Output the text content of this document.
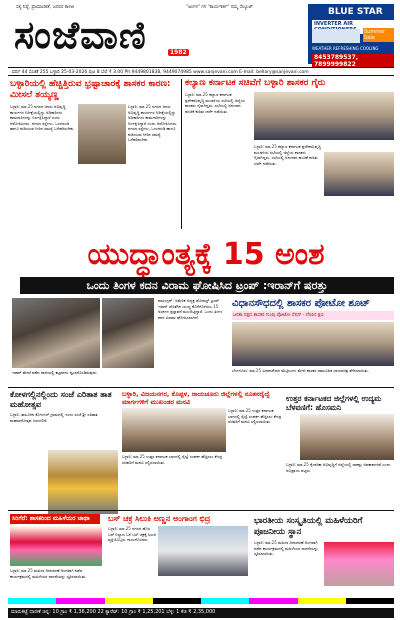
ಸತ್ಯ ನಿಷ್ಠೆ, ಪ್ರಾಮಾಣಿಕತೆ, ಜನಪರ ಕಾಳಜಿ	"ಅಂಗಳ" ಗಳ "ಕಾರ್ಯಕರ್ತ" ನಮ್ಮ ಸೆಲ್ಯೂಟ್
ಸಂಜೆವಾಣಿ	1982
BLUE STAR
INVERTER AIR
Summer Sale
WEATHER REFRESHING COOLING
8453789537, 7899999822
ವರ್ಷ 44 ಸಂಚಿಕೆ 255 ಬಳ್ಳಾರಿ 25-03-2026 ಪುಟ 8 ಬೆಲೆ ₹ 3.00 Ph:9449801838, 9449074985 www.sanjevani.com E-mail: bellary@sanjevani.com
ಬಳ್ಳಾರಿಯಲ್ಲಿ ಹೆಚ್ಚಿತ್ತಿರುವ ಭ್ರಷ್ಟಾಚಾರಕ್ಕೆ ಶಾಸಕರ ಕಾರಣ: ಮೀಸಲೆ ತಯ್ಯಣ್ಣ
ಬಳ್ಳಾರಿ: ಮಾ.25 ನಗರದ ಜನರು ಅಭಿವೃದ್ಧಿ ಕಾರ್ಯಗಳ ನಿರೀಕ್ಷೆಯಲ್ಲಿದ್ದು ಅಧಿಕಾರಿಗಳು ಕಾಮಗಾರಿಗಳನ್ನು ನಿರ್ಲಕ್ಷಿಸಿದ್ದಾರೆ ಎಂದು ಆರೋಪಿಸಿದರು. ನಗರದ ರಸ್ತೆಗಳು, ಒಳಚರಂಡಿ ಹಾಗೂ ಕುಡಿಯುವ ನೀರಿನ ಸಮಸ್ಯೆ ಬಗೆಹರಿಸಬೇಕು.
ಬಳ್ಳಾರಿ: ಮಾ.25 ನಗರದ ಜನರು ಅಭಿವೃದ್ಧಿ ಕಾರ್ಯಗಳ ನಿರೀಕ್ಷೆಯಲ್ಲಿದ್ದು ಅಧಿಕಾರಿಗಳು ಕಾಮಗಾರಿಗಳನ್ನು ನಿರ್ಲಕ್ಷಿಸಿದ್ದಾರೆ ಎಂದು ಆರೋಪಿಸಿದರು. ನಗರದ ರಸ್ತೆಗಳು, ಒಳಚರಂಡಿ ಹಾಗೂ ಕುಡಿಯುವ ನೀರಿನ ಸಮಸ್ಯೆ ಬಗೆಹರಿಸಬೇಕು.
ಕಲ್ಯಾಣ ಕರ್ನಾಟಕ ಸಚಿವೆಗೆ ಬಳ್ಳಾರಿ ಶಾಸಕರ ಗೈರು
ಬಳ್ಳಾರಿ: ಮಾ.25 ಕಲ್ಯಾಣ ಕರ್ನಾಟಕ ಪ್ರದೇಶಾಭಿವೃದ್ಧಿ ಮಂಡಳಿಯ ಸಭೆಯಲ್ಲಿ ಜಿಲ್ಲೆಯ ಶಾಸಕರು ಗೈರಾಗಿದ್ದರು. ಸಭೆಯಲ್ಲಿ ಅನುದಾನ ಹಂಚಿಕೆ ಕುರಿತು ಚರ್ಚೆ ನಡೆಯಿತು.
ಬಳ್ಳಾರಿ: ಮಾ.25 ಕಲ್ಯಾಣ ಕರ್ನಾಟಕ ಪ್ರದೇಶಾಭಿವೃದ್ಧಿ ಮಂಡಳಿಯ ಸಭೆಯಲ್ಲಿ ಜಿಲ್ಲೆಯ ಶಾಸಕರು ಗೈರಾಗಿದ್ದರು. ಸಭೆಯಲ್ಲಿ ಅನುದಾನ ಹಂಚಿಕೆ ಕುರಿತು ಚರ್ಚೆ ನಡೆಯಿತು.
ಯುದ್ಧಾಂತ್ಯಕ್ಕೆ 15 ಅಂಶ
ಒಂದು ತಿಂಗಳ ಕದನ ವಿರಾಮ ಘೋಷಿಸಿದ ಟ್ರಂಪ್ :ಇರಾನ್‌ಗೆ ಷರತ್ತು
ಇರಾನ್ ಮೇಲೆ ನಡೆದ ದಾಳಿಯಲ್ಲಿ ಕಟ್ಟಡಗಳು ಧ್ವಂಸಗೊಂಡಿರುವುದು
ವಾಷಿಂಗ್ಟನ್: ಅಮೆರಿಕ ಅಧ್ಯಕ್ಷ ಡೊನಾಲ್ಡ್ ಟ್ರಂಪ್ ಇರಾನ್ ಜೊತೆಗಿನ ಯುದ್ಧ ಕೊನೆಗೊಳಿಸಲು 15 ಅಂಶಗಳ ಪ್ರಸ್ತಾವನೆ ಮುಂದಿಟ್ಟಿದ್ದಾರೆ. ಒಂದು ತಿಂಗಳ ಕದನ ವಿರಾಮ ಘೋಷಿಸಲಾಗಿದೆ.
ವಿಧಾನಸೌಧದಲ್ಲಿ ಶಾಸಕರ ಪೋಟೋ ಶೂಟ್
ಜನತಾ ಪಕ್ಷದ ಶಾಸಕರ ಗುಂಪು ಪೋಟೋ ಸೆಷನ್ - ನೆನಪಿನ ಕ್ಷಣ
ಬೆಂಗಳೂರು: ಮಾ.25 ವಿಧಾನಸೌಧದ ಮೆಟ್ಟಿಲುಗಳ ಮೇಲೆ ಶಾಸಕರ ಸಾಮೂಹಿಕ ಛಾಯಾಚಿತ್ರ ತೆಗೆಸಲಾಯಿತು.
ಕೋಳಗಲ್ಲಿನಲ್ಲಿಂದು ಸಂಜೆ ಎರಿತಾತ ತಾತ ಮಹೋತ್ಸವ
ಬಳ್ಳಾರಿ: ತಾಲೂಕಿನ ಕೋಳಗಲ್ ಗ್ರಾಮದಲ್ಲಿ ಇಂದು ಸಂಜೆ ಶ್ರೀ ಎರಿತಾತ ಮಹಾರಥೋತ್ಸವ ಜರುಗಲಿದೆ.
ಬಳ್ಳಾರಿ, ವಿಜಯನಗರ, ಕೊಪ್ಪಳ, ರಾಯಚೂರು ಜಿಲ್ಲೆಗಳಲ್ಲಿ ನೂತನರೈಲ್ವೆ ಮಾರ್ಗಗಳಿಗೆ ಮುಖಂಡರ ಮನವಿ
ಬಳ್ಳಾರಿ: ಮಾ.25 ಉತ್ತರ ಕರ್ನಾಟಕ ಭಾಗದಲ್ಲಿ ರೈಲ್ವೆ ಸಂಪರ್ಕ ಹೆಚ್ಚಿಸಲು ಕೇಂದ್ರ ಸಚಿವರಿಗೆ ಮನವಿ ಸಲ್ಲಿಸಲಾಯಿತು.
ಬಳ್ಳಾರಿ: ಮಾ.25 ಉತ್ತರ ಕರ್ನಾಟಕ ಭಾಗದಲ್ಲಿ ರೈಲ್ವೆ ಸಂಪರ್ಕ ಹೆಚ್ಚಿಸಲು ಕೇಂದ್ರ ಸಚಿವರಿಗೆ ಮನವಿ ಸಲ್ಲಿಸಲಾಯಿತು.
ಉತ್ತರ ಕರ್ನಾಟಕದ ಜಿಲ್ಲೆಗಳಲ್ಲಿ ಉದ್ಯಮ ಬೆಳವಣಿಗೆ: ಹೊಸಮನಿ
ಬಳ್ಳಾರಿ: ಮಾ.25 ಕೈಗಾರಿಕಾ ಅಭಿವೃದ್ಧಿಗೆ ಜಿಲ್ಲೆಯಲ್ಲಿ ಸಾಕಷ್ಟು ಅವಕಾಶಗಳಿವೆ ಎಂದು ಅಭಿಪ್ರಾಯ ಪಟ್ಟರು.
ಸಿರಿಗೆರೆ: ಶಾಸಕರಿಂದ ಮಹಿಳೆಯರ ಜಾಥಾ
ಬಳ್ಳಾರಿ: ಮಾ.25 ಮಹಿಳಾ ದಿನಾಚರಣೆ ಅಂಗವಾಗಿ ನಡೆದ ಕಾರ್ಯಕ್ರಮದಲ್ಲಿ ಮಹಿಳೆಯರ ಸಾಧನೆಯನ್ನು ಸ್ಮರಿಸಲಾಯಿತು.
ಬಸ್ ಚಕ್ರ ಸಿಲುಕಿ ಅಣ್ಣನ ಅಂಗಾಂಗ ಛಿದ್ರ
ಬಳ್ಳಾರಿ: ಮಾ.25 ನಗರದ ಹೊಸ ಬಸ್ ನಿಲ್ದಾಣ ಬಳಿ ಬಸ್ ಚಕ್ರಕ್ಕೆ ಸಿಲುಕಿ ವ್ಯಕ್ತಿಯೊಬ್ಬರು ಗಾಯಗೊಂಡರು.
ಭಾರತೀಯ ಸಂಸ್ಕೃತಿಯಲ್ಲಿ ಮಹಿಳೆಯರಿಗೆ ಪೂಜನೀಯ ಸ್ಥಾನ
ಬಳ್ಳಾರಿ: ಮಾ.25 ಮಹಿಳಾ ದಿನಾಚರಣೆ ಅಂಗವಾಗಿ ನಡೆದ ಕಾರ್ಯಕ್ರಮದಲ್ಲಿ ಮಹಿಳೆಯರ ಸಾಧನೆಯನ್ನು ಸ್ಮರಿಸಲಾಯಿತು.
ಮಾರುಕಟ್ಟೆ ಧಾರಣೆ ಚಿನ್ನ: 10 ಗ್ರಾಂ ₹ 1,36,200 22 ಕ್ಯಾರೆಟ್: 10 ಗ್ರಾಂ ₹ 1,25,201 ಬೆಳ್ಳಿ: 1 ಕೆಜಿ ₹ 2,35,000
